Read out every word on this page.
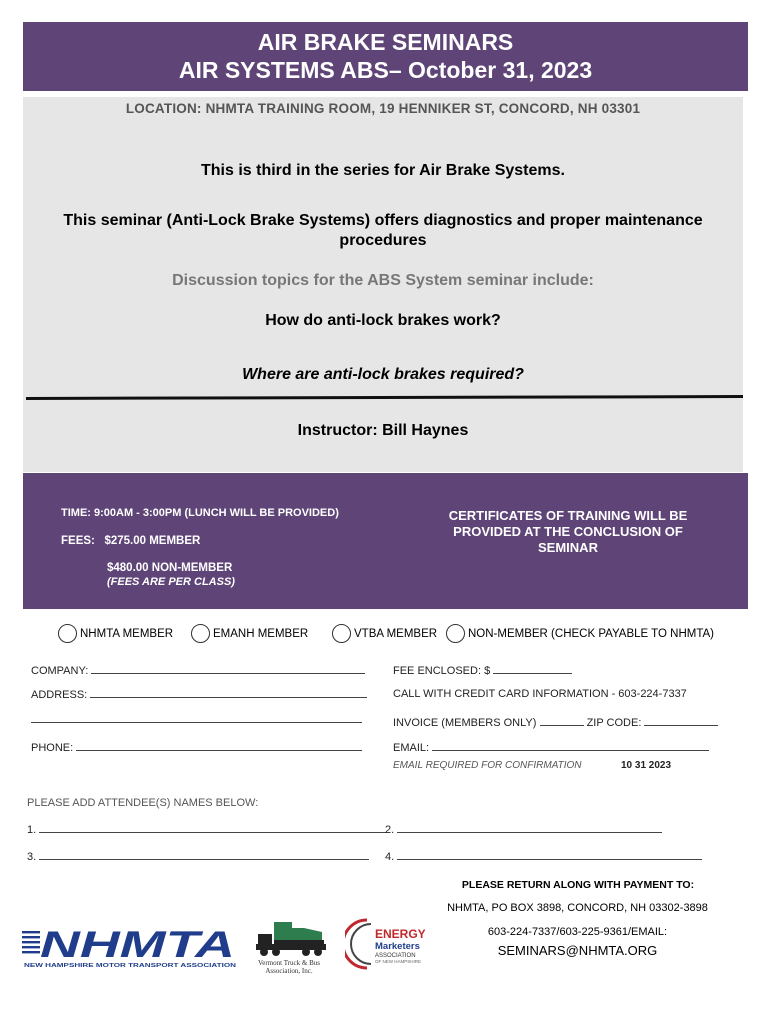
AIR BRAKE SEMINARS
AIR SYSTEMS ABS– October 31, 2023
LOCATION: NHMTA TRAINING ROOM, 19 HENNIKER ST, CONCORD, NH 03301
This is third in the series for Air Brake Systems.
This seminar (Anti-Lock Brake Systems) offers diagnostics and proper maintenance procedures
Discussion topics for the ABS System seminar include:
How do anti-lock brakes work?
Where are anti-lock brakes required?
Instructor: Bill Haynes
TIME: 9:00AM - 3:00PM (LUNCH WILL BE PROVIDED)
FEES:   $275.00 MEMBER
$480.00 NON-MEMBER
(FEES ARE PER CLASS)
CERTIFICATES OF TRAINING WILL BE PROVIDED AT THE CONCLUSION OF SEMINAR
NHMTA MEMBER	EMANH MEMBER	VTBA MEMBER	NON-MEMBER (CHECK PAYABLE TO NHMTA)
COMPANY:
ADDRESS:
PHONE:
FEE ENCLOSED: $
CALL WITH CREDIT CARD INFORMATION - 603-224-7337
INVOICE (MEMBERS ONLY)	ZIP CODE:
EMAIL:
EMAIL REQUIRED FOR CONFIRMATION	10 31 2023
PLEASE ADD ATTENDEE(S) NAMES BELOW:
1.	2.
3.	4.
PLEASE RETURN ALONG WITH PAYMENT TO:
NHMTA, PO BOX 3898, CONCORD, NH 03302-3898
603-224-7337/603-225-9361/EMAIL:
SEMINARS@NHMTA.ORG
NHMTA
NEW HAMPSHIRE MOTOR TRANSPORT ASSOCIATION	Vermont Truck & Bus
Association, Inc.
ENERGY
Marketers
ASSOCIATION
OF NEW HAMPSHIRE
